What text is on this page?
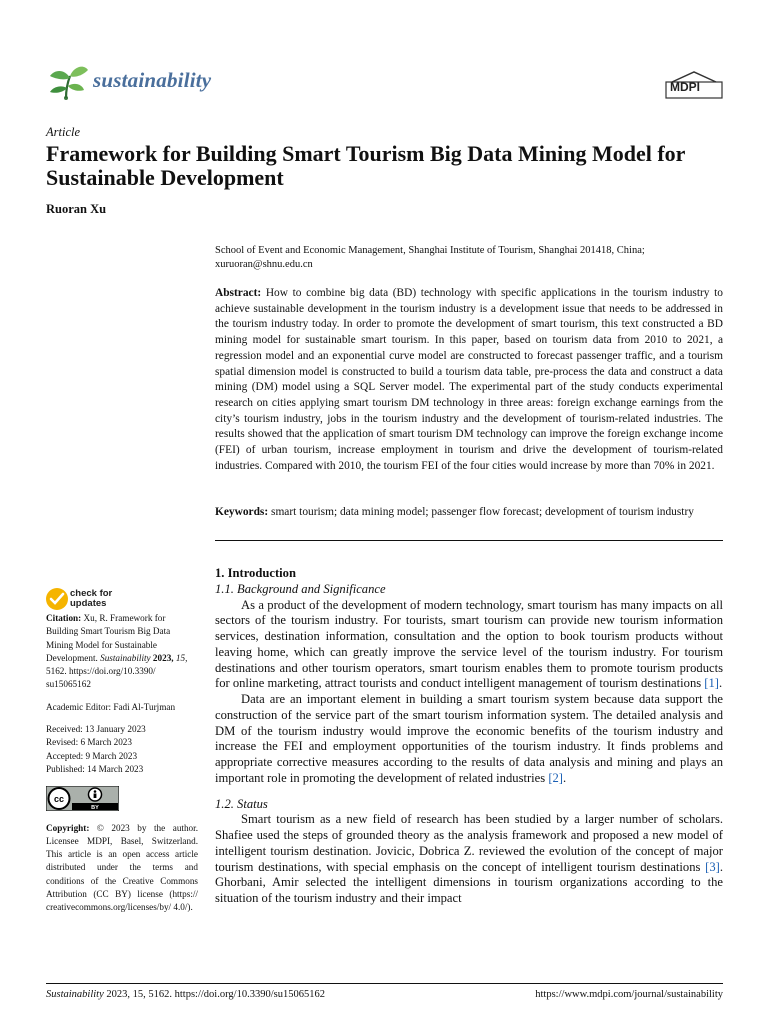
sustainability	MDPI
Article
Framework for Building Smart Tourism Big Data Mining Model for Sustainable Development
Ruoran Xu
School of Event and Economic Management, Shanghai Institute of Tourism, Shanghai 201418, China;
xuruoran@shnu.edu.cn
Abstract: How to combine big data (BD) technology with specific applications in the tourism industry to achieve sustainable development in the tourism industry is a development issue that needs to be addressed in the tourism industry today. In order to promote the development of smart tourism, this text constructed a BD mining model for sustainable smart tourism. In this paper, based on tourism data from 2010 to 2021, a regression model and an exponential curve model are constructed to forecast passenger traffic, and a tourism spatial dimension model is constructed to build a tourism data table, pre-process the data and construct a data mining (DM) model using a SQL Server model. The experimental part of the study conducts experimental research on cities applying smart tourism DM technology in three areas: foreign exchange earnings from the city’s tourism industry, jobs in the tourism industry and the development of tourism-related industries. The results showed that the application of smart tourism DM technology can improve the foreign exchange income (FEI) of urban tourism, increase employment in tourism and drive the development of tourism-related industries. Compared with 2010, the tourism FEI of the four cities would increase by more than 70% in 2021.
Keywords: smart tourism; data mining model; passenger flow forecast; development of tourism industry
check for
updates

Citation: Xu, R. Framework for Building Smart Tourism Big Data Mining Model for Sustainable Development. Sustainability 2023, 15, 5162. https://doi.org/10.3390/ su15065162

Academic Editor: Fadi Al-Turjman

Received: 13 January 2023

Revised: 6 March 2023

Accepted: 9 March 2023

Published: 14 March 2023

cc
BY

Copyright: © 2023 by the author. Licensee MDPI, Basel, Switzerland. This article is an open access article distributed under the terms and conditions of the Creative Commons Attribution (CC BY) license (https:// creativecommons.org/licenses/by/ 4.0/).

1. Introduction
1.1. Background and Significance

As a product of the development of modern technology, smart tourism has many impacts on all sectors of the tourism industry. For tourists, smart tourism can provide new tourism information services, destination information, consultation and the option to book tourism products without leaving home, which can greatly improve the service level of the tourism industry. For tourism destinations and other tourism operators, smart tourism enables them to promote tourism products for online marketing, attract tourists and conduct intelligent management of tourism destinations [1].

Data are an important element in building a smart tourism system because data support the construction of the service part of the smart tourism information system. The detailed analysis and DM of the tourism industry would improve the economic benefits of the tourism industry and increase the FEI and employment opportunities of the tourism industry. It finds problems and appropriate corrective measures according to the results of data analysis and mining and plays an important role in promoting the development of related industries [2].

1.2. Status

Smart tourism as a new field of research has been studied by a larger number of scholars. Shafiee used the steps of grounded theory as the analysis framework and proposed a new model of intelligent tourism destination. Jovicic, Dobrica Z. reviewed the evolution of the concept of major tourism destinations, with special emphasis on the concept of intelligent tourism destinations [3]. Ghorbani, Amir selected the intelligent dimensions in tourism organizations according to the situation of the tourism industry and their impact

Sustainability 2023, 15, 5162. https://doi.org/10.3390/su15065162	https://www.mdpi.com/journal/sustainability
